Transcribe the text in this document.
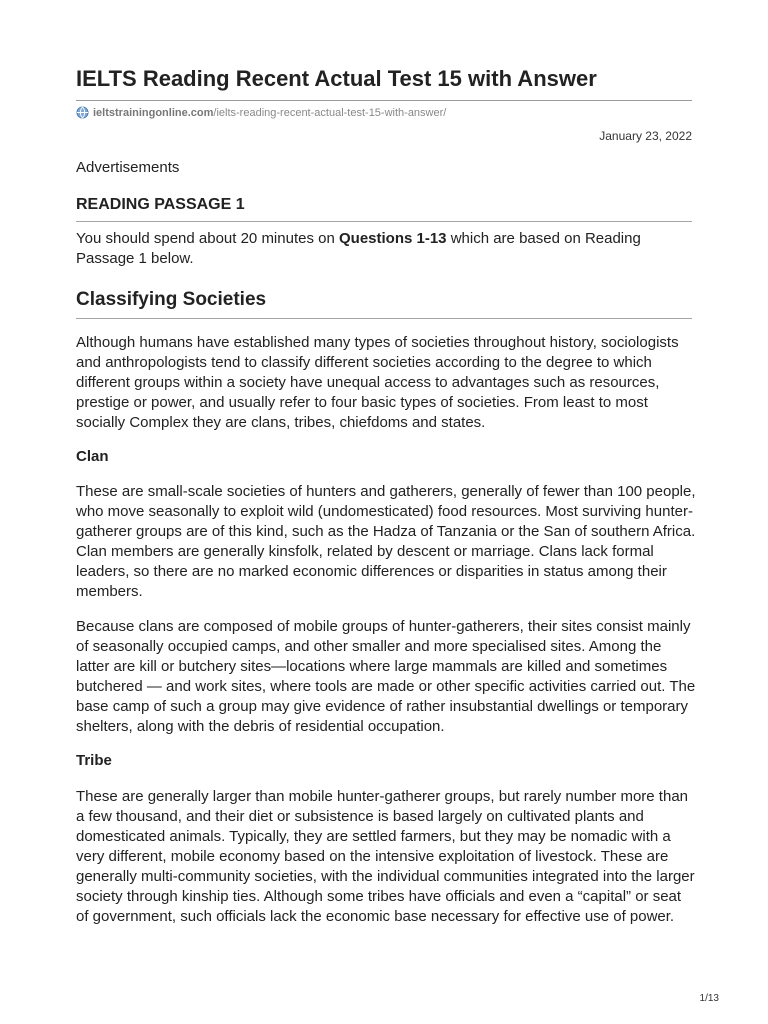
IELTS Reading Recent Actual Test 15 with Answer
ieltstrainingonline.com /ielts-reading-recent-actual-test-15-with-answer/
January 23, 2022
Advertisements
READING PASSAGE 1
You should spend about 20 minutes on Questions 1-13 which are based on Reading Passage 1 below.
Classifying Societies

Although humans have established many types of societies throughout history, sociologists and anthropologists tend to classify different societies according to the degree to which different groups within a society have unequal access to advantages such as resources, prestige or power, and usually refer to four basic types of societies. From least to most socially Complex they are clans, tribes, chiefdoms and states.

Clan

These are small-scale societies of hunters and gatherers, generally of fewer than 100 people, who move seasonally to exploit wild (undomesticated) food resources. Most surviving hunter-gatherer groups are of this kind, such as the Hadza of Tanzania or the San of southern Africa. Clan members are generally kinsfolk, related by descent or marriage. Clans lack formal leaders, so there are no marked economic differences or disparities in status among their members.

Because clans are composed of mobile groups of hunter-gatherers, their sites consist mainly of seasonally occupied camps, and other smaller and more specialised sites. Among the latter are kill or butchery sites—locations where large mammals are killed and sometimes butchered — and work sites, where tools are made or other specific activities carried out. The base camp of such a group may give evidence of rather insubstantial dwellings or temporary shelters, along with the debris of residential occupation.

Tribe

These are generally larger than mobile hunter-gatherer groups, but rarely number more than a few thousand, and their diet or subsistence is based largely on cultivated plants and domesticated animals. Typically, they are settled farmers, but they may be nomadic with a very different, mobile economy based on the intensive exploitation of livestock. These are generally multi-community societies, with the individual communities integrated into the larger society through kinship ties. Although some tribes have officials and even a “capital” or seat of government, such officials lack the economic base necessary for effective use of power.

1/13
